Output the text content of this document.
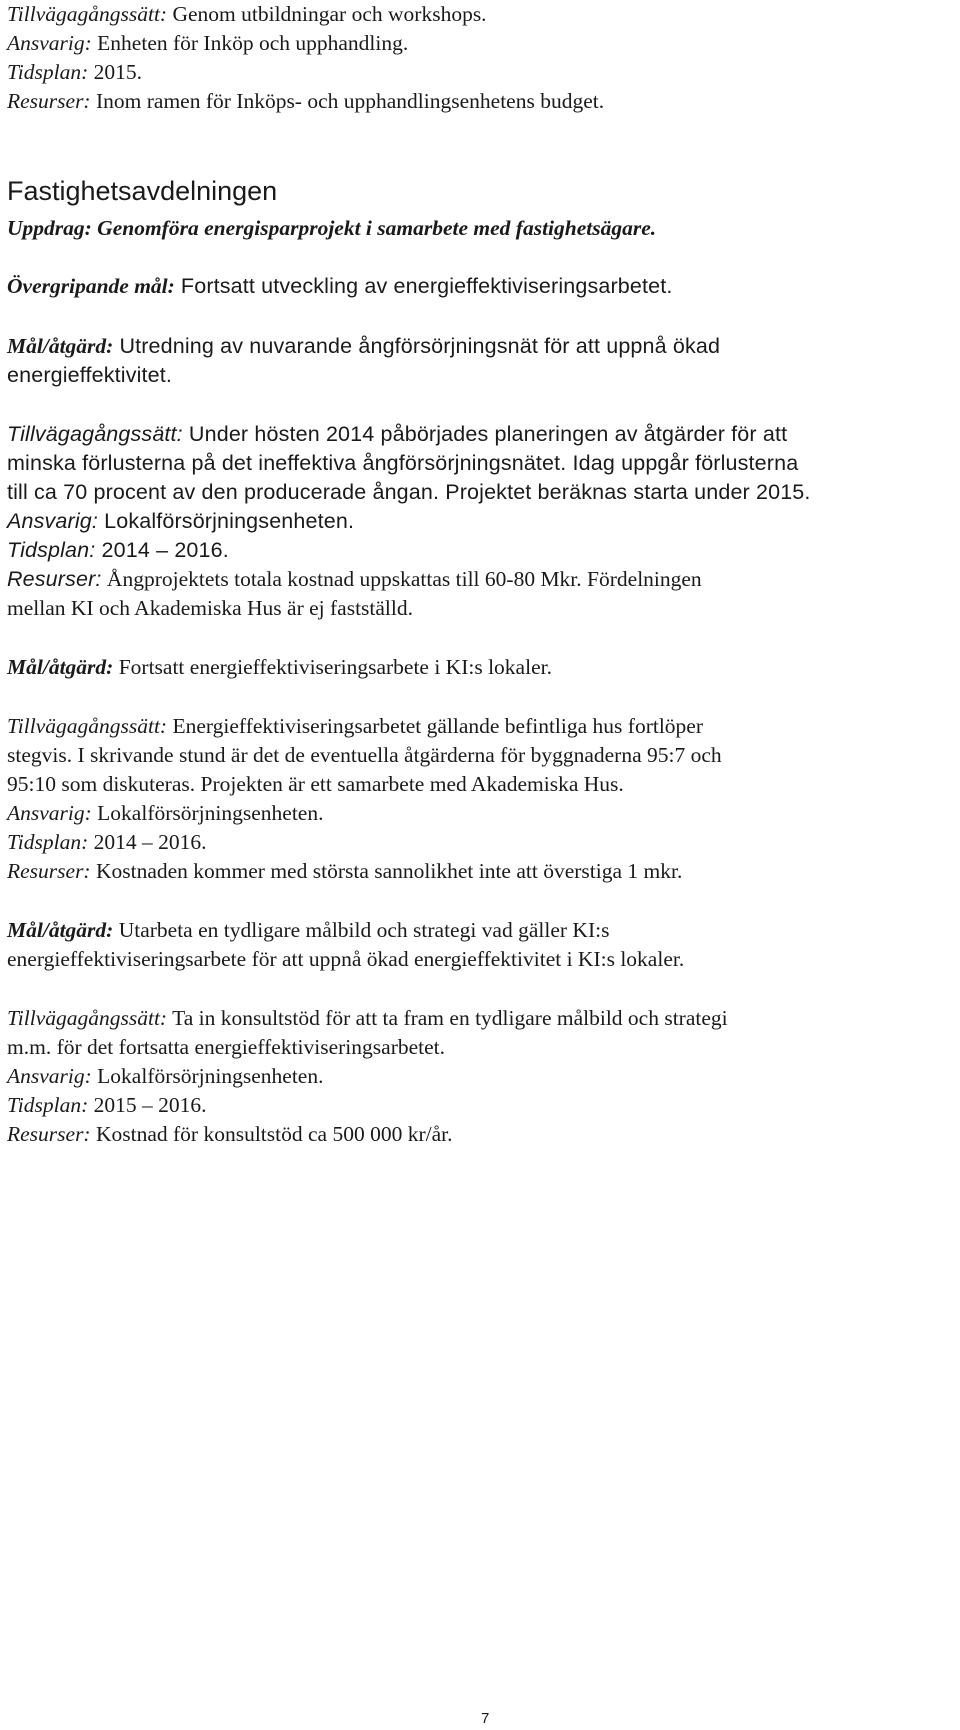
Tillvägagångssätt: Genom utbildningar och workshops.
Ansvarig: Enheten för Inköp och upphandling.
Tidsplan: 2015.
Resurser: Inom ramen för Inköps- och upphandlingsenhetens budget.
Fastighetsavdelningen
Uppdrag: Genomföra energisparprojekt i samarbete med fastighetsägare.
Övergripande mål: Fortsatt utveckling av energieffektiviseringsarbetet.
Mål/åtgärd: Utredning av nuvarande ångförsörjningsnät för att uppnå ökad
energieffektivitet.
Tillvägagångssätt: Under hösten 2014 påbörjades planeringen av åtgärder för att
minska förlusterna på det ineffektiva ångförsörjningsnätet. Idag uppgår förlusterna
till ca 70 procent av den producerade ångan. Projektet beräknas starta under 2015.
Ansvarig: Lokalförsörjningsenheten.
Tidsplan: 2014 – 2016.
Resurser: Ångprojektets totala kostnad uppskattas till 60-80 Mkr. Fördelningen
mellan KI och Akademiska Hus är ej fastställd.
Mål/åtgärd: Fortsatt energieffektiviseringsarbete i KI:s lokaler.
Tillvägagångssätt: Energieffektiviseringsarbetet gällande befintliga hus fortlöper
stegvis. I skrivande stund är det de eventuella åtgärderna för byggnaderna 95:7 och
95:10 som diskuteras. Projekten är ett samarbete med Akademiska Hus.
Ansvarig: Lokalförsörjningsenheten.
Tidsplan: 2014 – 2016.
Resurser: Kostnaden kommer med största sannolikhet inte att överstiga 1 mkr.
Mål/åtgärd: Utarbeta en tydligare målbild och strategi vad gäller KI:s
energieffektiviseringsarbete för att uppnå ökad energieffektivitet i KI:s lokaler.
Tillvägagångssätt: Ta in konsultstöd för att ta fram en tydligare målbild och strategi
m.m. för det fortsatta energieffektiviseringsarbetet.
Ansvarig: Lokalförsörjningsenheten.
Tidsplan: 2015 – 2016.
Resurser: Kostnad för konsultstöd ca 500 000 kr/år.
7
